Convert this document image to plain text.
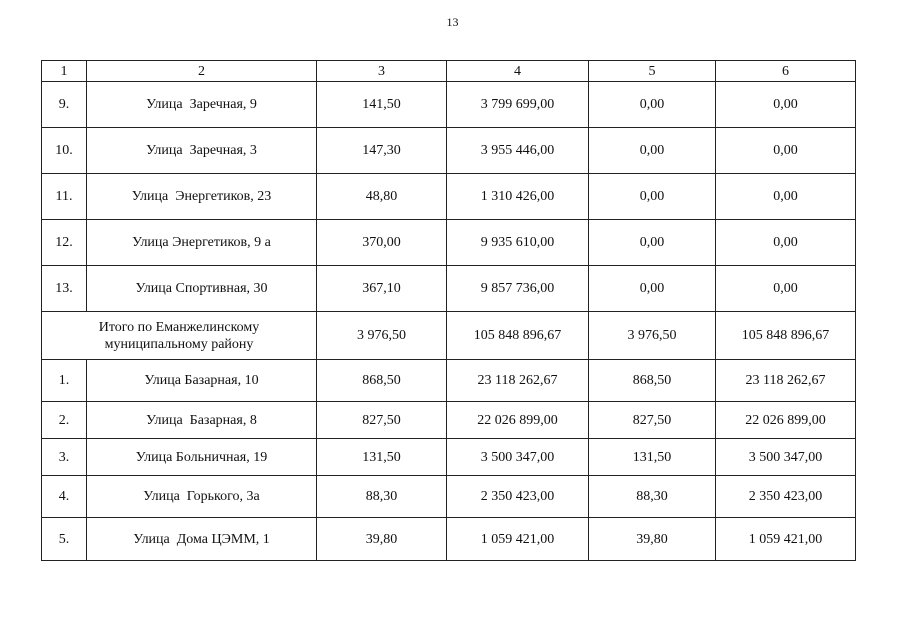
13
1	2	3	4	5	6
9.	Улица  Заречная, 9	141,50	3 799 699,00	0,00	0,00
10.	Улица  Заречная, 3	147,30	3 955 446,00	0,00	0,00
11.	Улица  Энергетиков, 23	48,80	1 310 426,00	0,00	0,00
12.	Улица Энергетиков, 9 а	370,00	9 935 610,00	0,00	0,00
13.	Улица Спортивная, 30	367,10	9 857 736,00	0,00	0,00

Итого по Еманжелинскому
муниципальному району		3 976,50	105 848 896,67	3 976,50	105 848 896,67
1.	Улица Базарная, 10	868,50	23 118 262,67	868,50	23 118 262,67
2.	Улица  Базарная, 8	827,50	22 026 899,00	827,50	22 026 899,00
3.	Улица Больничная, 19	131,50	3 500 347,00	131,50	3 500 347,00
4.	Улица  Горького, 3а	88,30	2 350 423,00	88,30	2 350 423,00
5.	Улица  Дома ЦЭММ, 1	39,80	1 059 421,00	39,80	1 059 421,00
